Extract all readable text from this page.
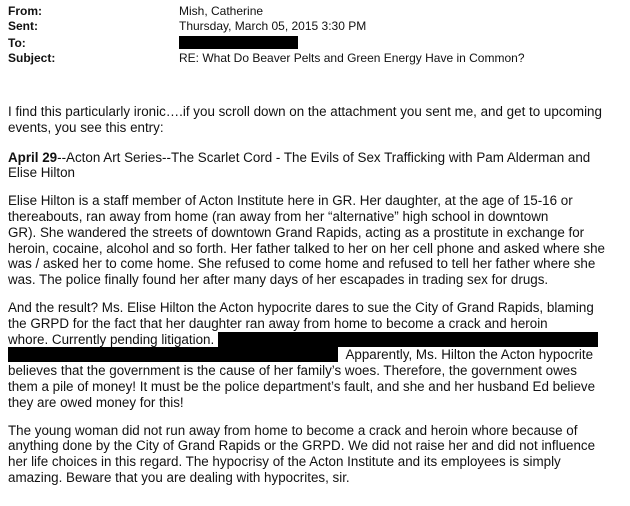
From:	Mish, Catherine
Sent:	Thursday, March 05, 2015 3:30 PM
To:
Subject:	RE: What Do Beaver Pelts and Green Energy Have in Common?
I find this particularly ironic….if you scroll down on the attachment you sent me, and get to upcoming
events, you see this entry:
April 29--Acton Art Series--The Scarlet Cord - The Evils of Sex Trafficking with Pam Alderman and
Elise Hilton
Elise Hilton is a staff member of Acton Institute here in GR. Her daughter, at the age of 15-16 or
thereabouts, ran away from home (ran away from her “alternative” high school in downtown
GR). She wandered the streets of downtown Grand Rapids, acting as a prostitute in exchange for
heroin, cocaine, alcohol and so forth. Her father talked to her on her cell phone and asked where she
was / asked her to come home. She refused to come home and refused to tell her father where she
was. The police finally found her after many days of her escapades in trading sex for drugs.
And the result? Ms. Elise Hilton the Acton hypocrite dares to sue the City of Grand Rapids, blaming
the GRPD for the fact that her daughter ran away from home to become a crack and heroin
whore. Currently pending litigation.
Apparently, Ms. Hilton the Acton hypocrite
believes that the government is the cause of her family’s woes. Therefore, the government owes
them a pile of money! It must be the police department’s fault, and she and her husband Ed believe
they are owed money for this!
The young woman did not run away from home to become a crack and heroin whore because of
anything done by the City of Grand Rapids or the GRPD. We did not raise her and did not influence
her life choices in this regard. The hypocrisy of the Acton Institute and its employees is simply
amazing. Beware that you are dealing with hypocrites, sir.
